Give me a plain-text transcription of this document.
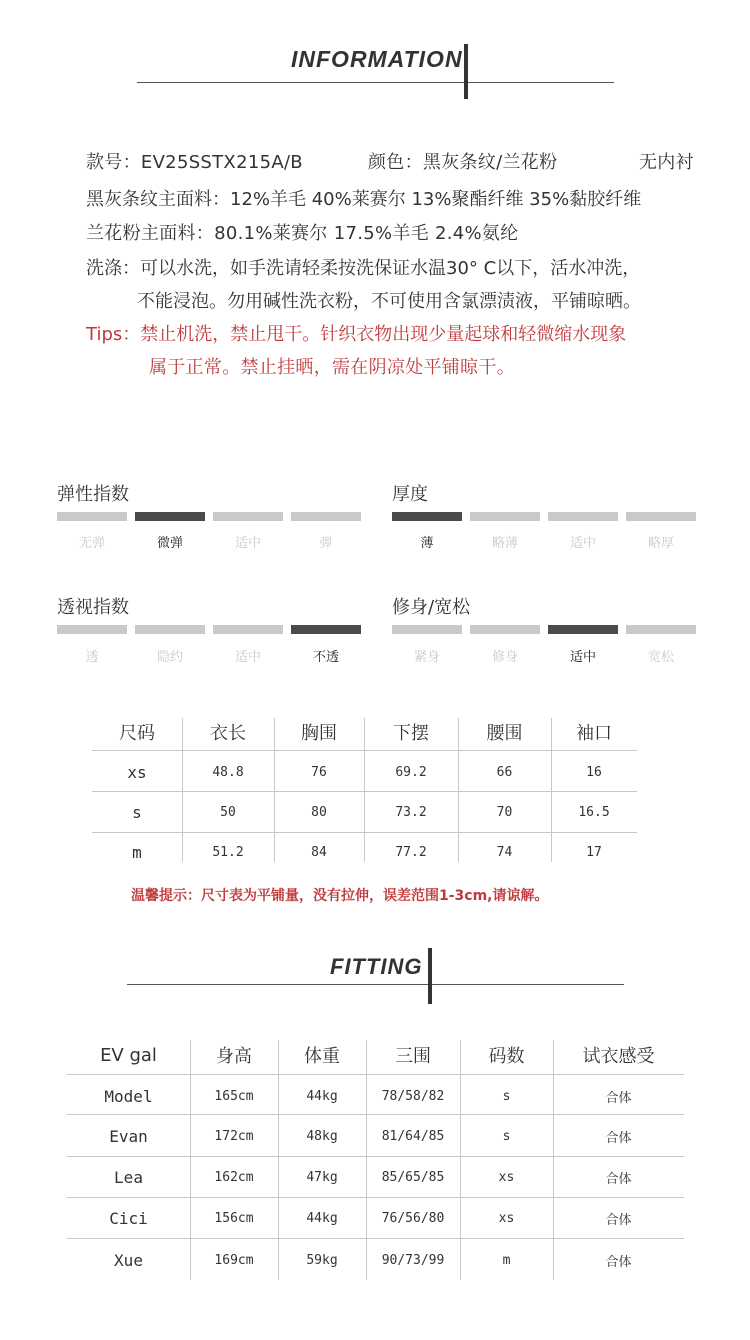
INFORMATION
款号：EV25SSTX215A/B	颜色：黑灰条纹/兰花粉	无内衬
黑灰条纹主面料：12%羊毛 40%莱赛尔 13%聚酯纤维 35%黏胶纤维
兰花粉主面料：80.1%莱赛尔 17.5%羊毛 2.4%氨纶
洗涤：可以水洗，如手洗请轻柔按洗保证水温30° C以下，活水冲洗，
不能浸泡。勿用碱性洗衣粉，不可使用含氯漂渍液，平铺晾晒。
Tips：禁止机洗，禁止甩干。针织衣物出现少量起球和轻微缩水现象
属于正常。禁止挂晒，需在阴凉处平铺晾干。
弹性指数
无弹	微弹	适中	弹
厚度
薄	略薄	适中	略厚
透视指数
透	隐约	适中	不透
修身/宽松
紧身	修身	适中	宽松
尺码	衣长	胸围	下摆	腰围	袖口
xs	48.8	76	69.2	66	16
s	50	80	73.2	70	16.5
m	51.2	84	77.2	74	17
温馨提示：尺寸表为平铺量，没有拉伸，误差范围1-3cm,请谅解。
FITTING
EV gal	身高	体重	三围	码数	试衣感受
Model	165cm	44kg	78/58/82	s	合体
Evan	172cm	48kg	81/64/85	s	合体
Lea	162cm	47kg	85/65/85	xs	合体
Cici	156cm	44kg	76/56/80	xs	合体
Xue	169cm	59kg	90/73/99	m	合体
